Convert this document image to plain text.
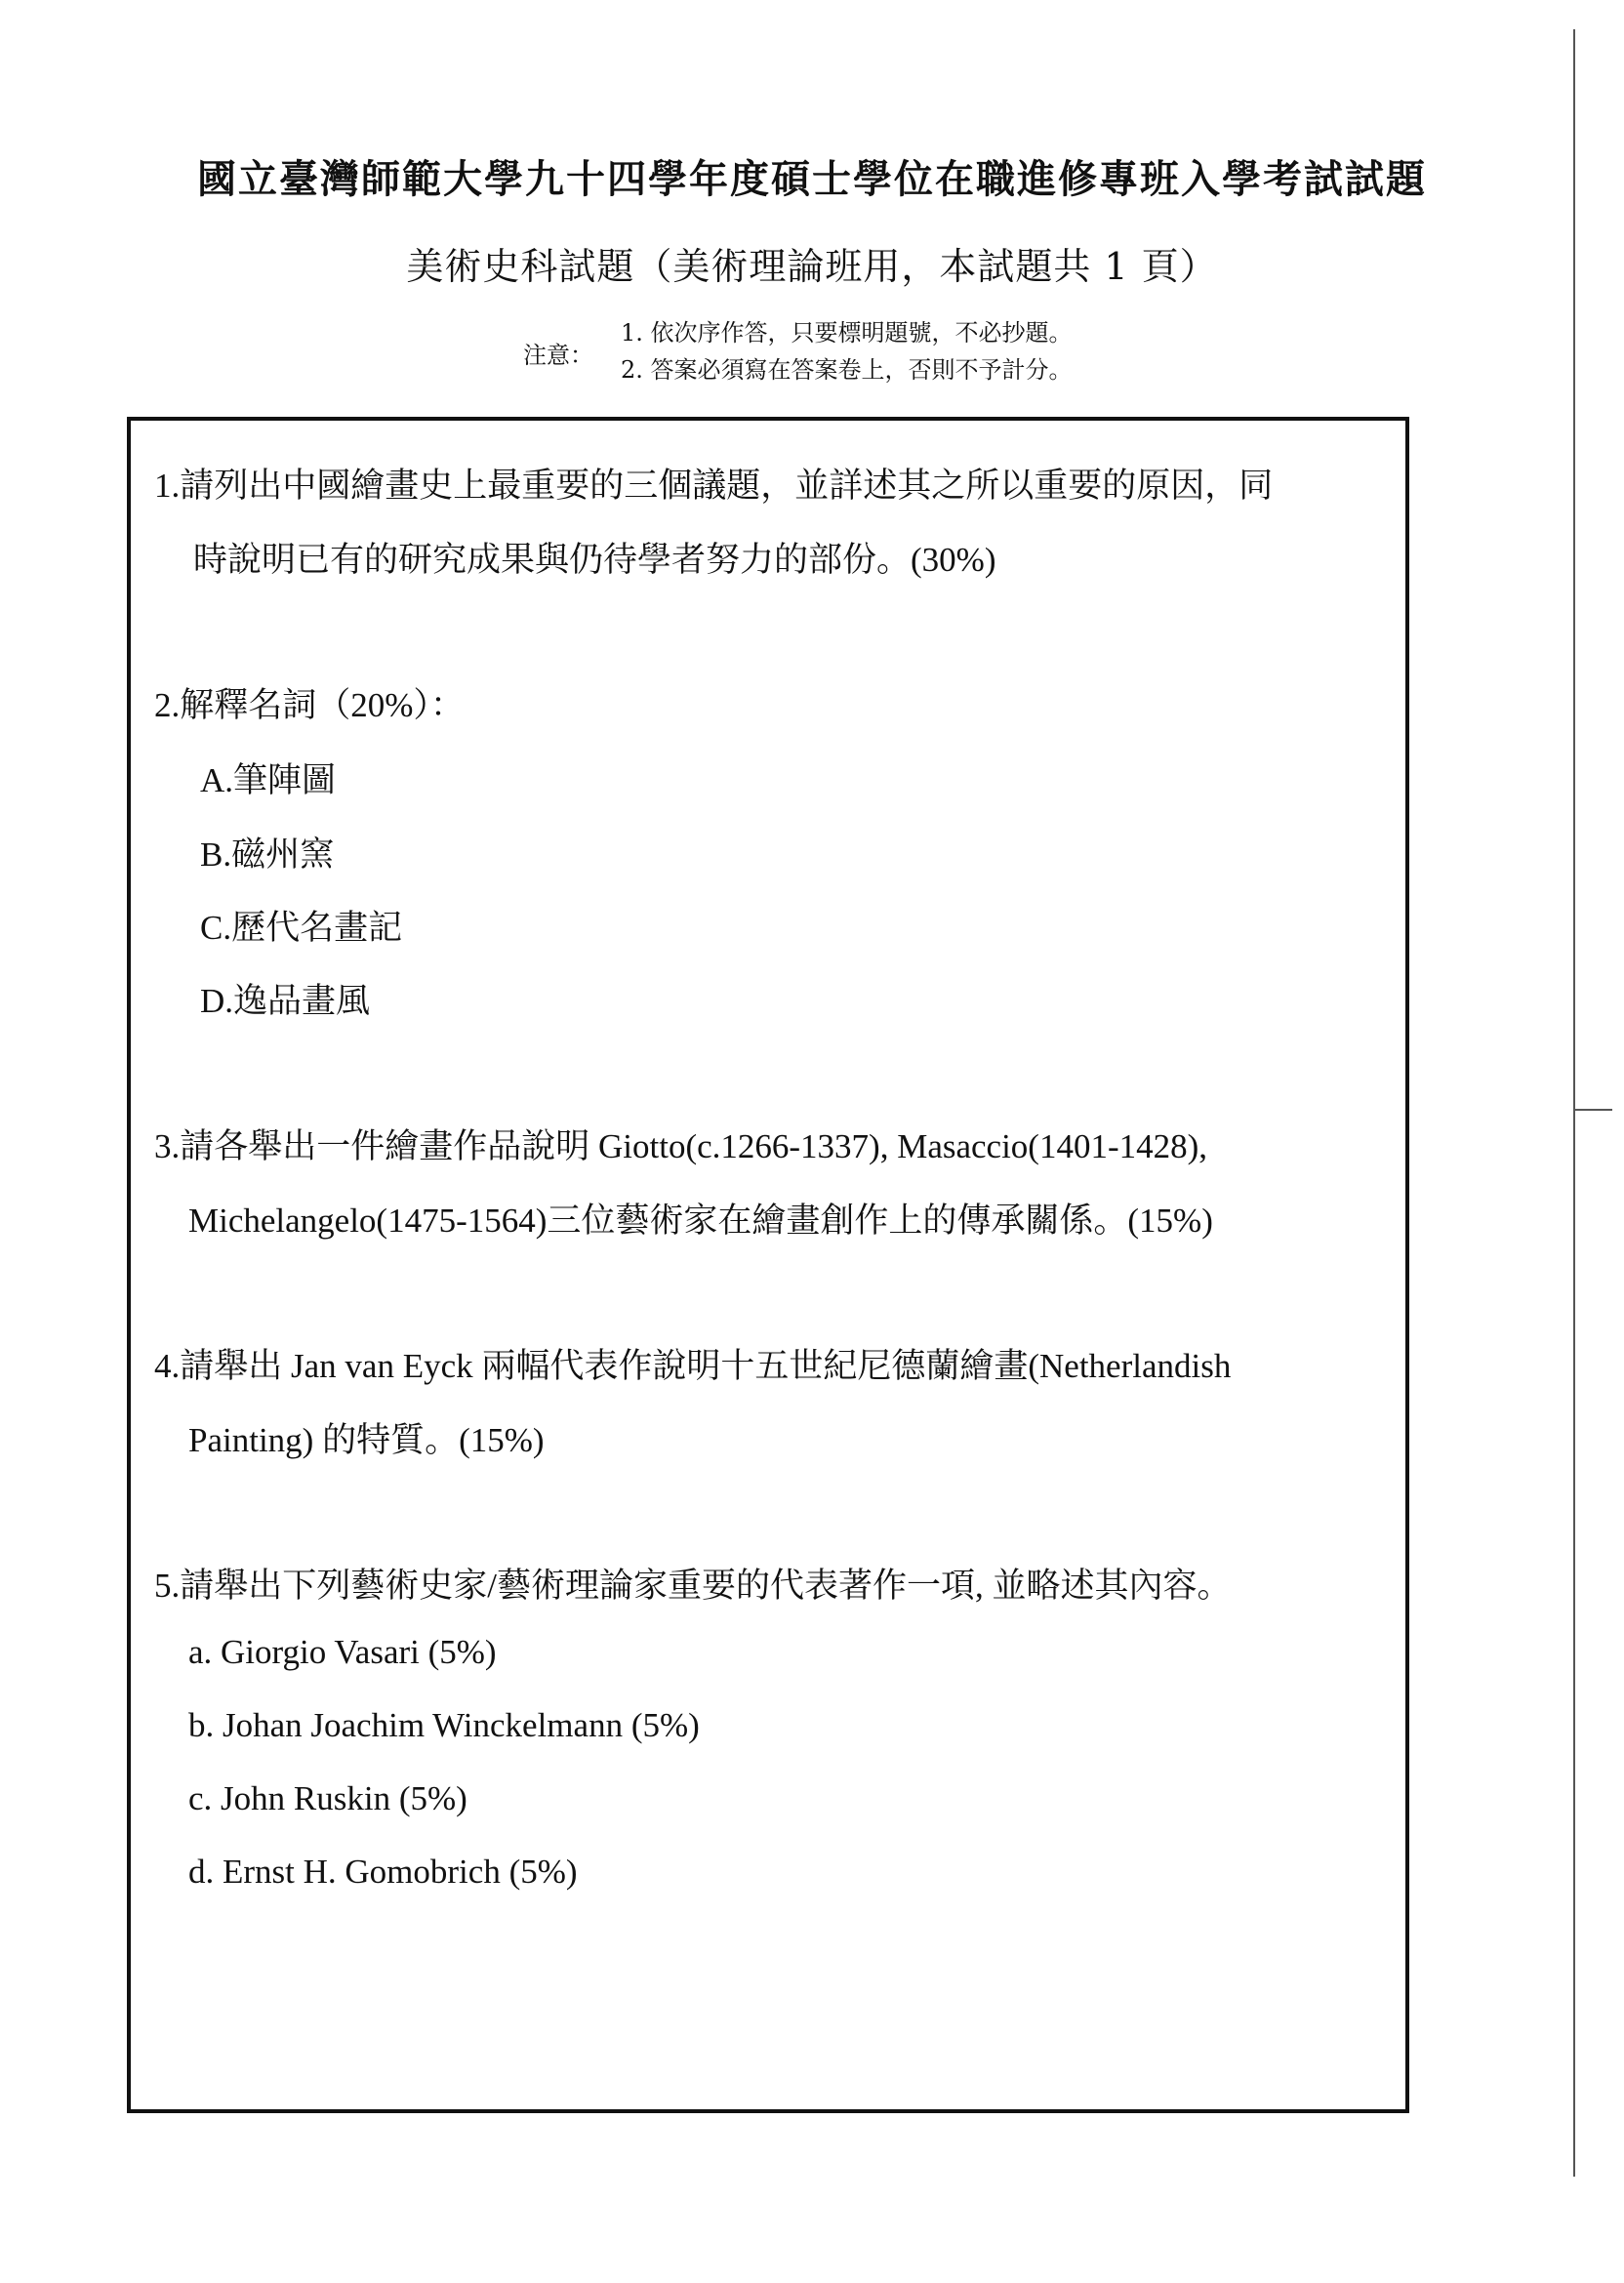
國立臺灣師範大學九十四學年度碩士學位在職進修專班入學考試試題
美術史科試題（美術理論班用，本試題共 1 頁）
注意：
1. 依次序作答，只要標明題號，不必抄題。
2. 答案必須寫在答案卷上，否則不予計分。
1.請列出中國繪畫史上最重要的三個議題，並詳述其之所以重要的原因，同
時說明已有的研究成果與仍待學者努力的部份。(30%)
2.解釋名詞（20%）：
A.筆陣圖
B.磁州窯
C.歷代名畫記
D.逸品畫風
3.請各舉出一件繪畫作品說明 Giotto(c.1266-1337), Masaccio(1401-1428),
Michelangelo(1475-1564)三位藝術家在繪畫創作上的傳承關係。(15%)
4.請舉出 Jan van Eyck 兩幅代表作說明十五世紀尼德蘭繪畫(Netherlandish
Painting) 的特質。(15%)
5.請舉出下列藝術史家/藝術理論家重要的代表著作一項, 並略述其內容。
a. Giorgio Vasari (5%)
b. Johan Joachim Winckelmann (5%)
c. John Ruskin (5%)
d. Ernst H. Gomobrich (5%)
